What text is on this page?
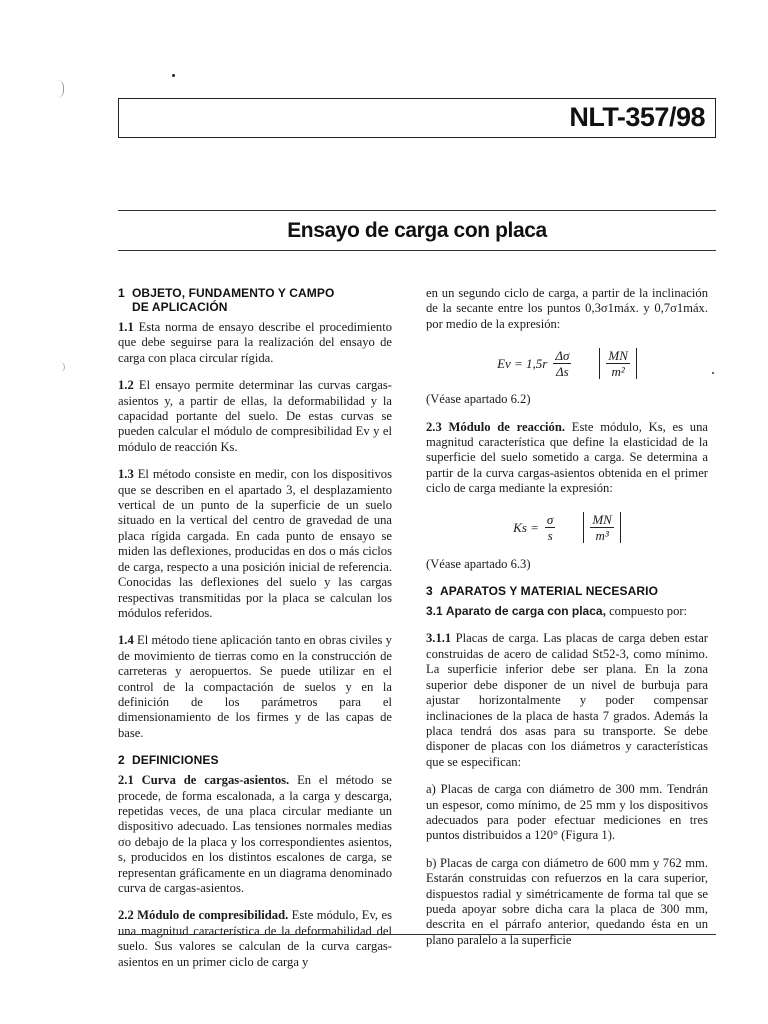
NLT-357/98
Ensayo de carga con placa
1 OBJETO, FUNDAMENTO Y CAMPO
DE APLICACIÓN

1.1 Esta norma de ensayo describe el procedimiento que debe seguirse para la realización del ensayo de carga con placa circular rígida.

1.2 El ensayo permite determinar las curvas cargas-asientos y, a partir de ellas, la deformabilidad y la capacidad portante del suelo. De estas curvas se pueden calcular el módulo de compresibilidad Ev y el módulo de reacción Ks.

1.3 El método consiste en medir, con los dispositivos que se describen en el apartado 3, el desplazamiento vertical de un punto de la superficie de un suelo situado en la vertical del centro de gravedad de una placa rígida cargada. En cada punto de ensayo se miden las deflexiones, producidas en dos o más ciclos de carga, respecto a una posición inicial de referencia. Conocidas las deflexiones del suelo y las cargas respectivas transmitidas por la placa se calculan los módulos referidos.

1.4 El método tiene aplicación tanto en obras civiles y de movimiento de tierras como en la construcción de carreteras y aeropuertos. Se puede utilizar en el control de la compactación de suelos y en la definición de los parámetros para el dimensionamiento de los firmes y de las capas de base.

2 DEFINICIONES

2.1 Curva de cargas-asientos. En el método se procede, de forma escalonada, a la carga y descarga, repetidas veces, de una placa circular mediante un dispositivo adecuado. Las tensiones normales medias σo debajo de la placa y los correspondientes asientos, s, producidos en los distintos escalones de carga, se representan gráficamente en un diagrama denominado curva de cargas-asientos.

2.2 Módulo de compresibilidad. Este módulo, Ev, es una magnitud característica de la deformabilidad del suelo. Sus valores se calculan de la curva cargas-asientos en un primer ciclo de carga y

en un segundo ciclo de carga, a partir de la inclinación de la secante entre los puntos 0,3σ1máx. y 0,7σ1máx. por medio de la expresión:

$Ev = 1,5r \frac{\Delta\sigma}{\Delta s} \frac{MN}{\text{m²}}$

(Véase apartado 6.2)

2.3 Módulo de reacción. Este módulo, Ks, es una magnitud característica que define la elasticidad de la superficie del suelo sometido a carga. Se determina a partir de la curva cargas-asientos obtenida en el primer ciclo de carga mediante la expresión:

$Ks = \frac{\sigma}{s} \frac{MN}{\text{m³}}$

(Véase apartado 6.3)

3 APARATOS Y MATERIAL NECESARIO

3.1 Aparato de carga con placa, compuesto por:

3.1.1 Placas de carga. Las placas de carga deben estar construidas de acero de calidad St52-3, como mínimo. La superficie inferior debe ser plana. En la zona superior debe disponer de un nivel de burbuja para ajustar horizontalmente y poder compensar inclinaciones de la placa de hasta 7 grados. Además la placa tendrá dos asas para su transporte. Se debe disponer de placas con los diámetros y características que se especifican:

a) Placas de carga con diámetro de 300 mm. Tendrán un espesor, como mínimo, de 25 mm y los dispositivos adecuados para poder efectuar mediciones en tres puntos distribuidos a 120° (Figura 1).

b) Placas de carga con diámetro de 600 mm y 762 mm. Estarán construidas con refuerzos en la cara superior, dispuestos radial y simétricamente de forma tal que se pueda apoyar sobre dicha cara la placa de 300 mm, descrita en el párrafo anterior, quedando ésta en un plano paralelo a la superficie
